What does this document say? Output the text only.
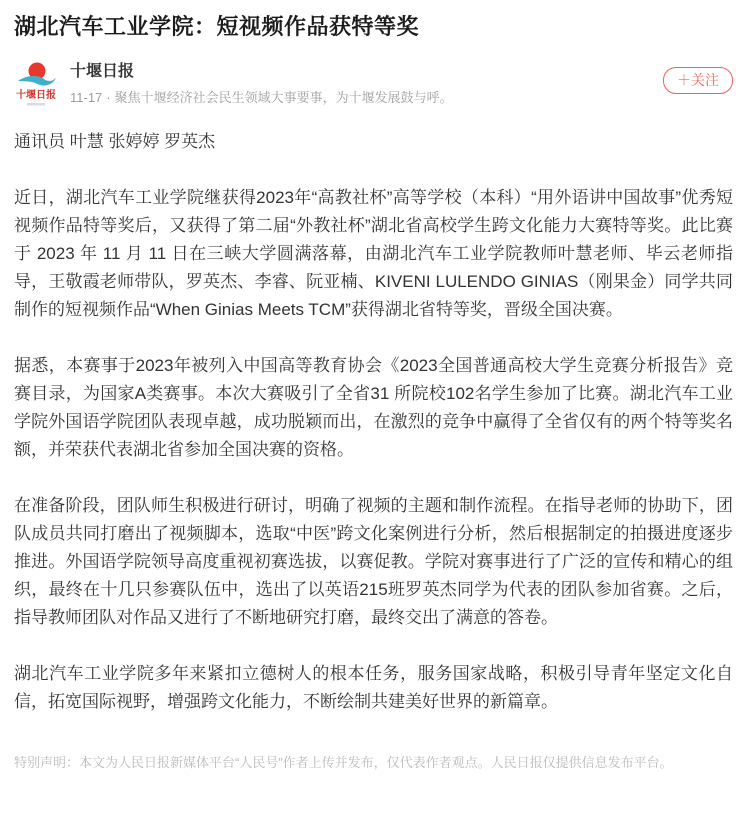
湖北汽车工业学院：短视频作品获特等奖
十堰日报
十堰日报
11-17 · 聚焦十堰经济社会民生领域大事要事，为十堰发展鼓与呼。
＋关注

通讯员 叶慧 张婷婷 罗英杰

近日，湖北汽车工业学院继获得2023年“高教社杯”高等学校（本科）“用外语讲中国故事”优秀短视频作品特等奖后，又获得了第二届“外教社杯”湖北省高校学生跨文化能力大赛特等奖。此比赛于 2023 年 11 月 11 日在三峡大学圆满落幕，由湖北汽车工业学院教师叶慧老师、毕云老师指导，王敬霞老师带队，罗英杰、李睿、阮亚楠、KIVENI LULENDO GINIAS（刚果金）同学共同制作的短视频作品“When Ginias Meets TCM”获得湖北省特等奖，晋级全国决赛。

据悉，本赛事于2023年被列入中国高等教育协会《2023全国普通高校大学生竞赛分析报告》竞赛目录，为国家A类赛事。本次大赛吸引了全省31 所院校102名学生参加了比赛。湖北汽车工业学院外国语学院团队表现卓越，成功脱颖而出，在激烈的竞争中赢得了全省仅有的两个特等奖名额，并荣获代表湖北省参加全国决赛的资格。

在准备阶段，团队师生积极进行研讨，明确了视频的主题和制作流程。在指导老师的协助下，团队成员共同打磨出了视频脚本，选取“中医”跨文化案例进行分析，然后根据制定的拍摄进度逐步推进。外国语学院领导高度重视初赛选拔，以赛促教。学院对赛事进行了广泛的宣传和精心的组织，最终在十几只参赛队伍中，选出了以英语215班罗英杰同学为代表的团队参加省赛。之后，指导教师团队对作品又进行了不断地研究打磨，最终交出了满意的答卷。

湖北汽车工业学院多年来紧扣立德树人的根本任务，服务国家战略，积极引导青年坚定文化自信，拓宽国际视野，增强跨文化能力，不断绘制共建美好世界的新篇章。

特别声明：本文为人民日报新媒体平台“人民号”作者上传并发布，仅代表作者观点。人民日报仅提供信息发布平台。
